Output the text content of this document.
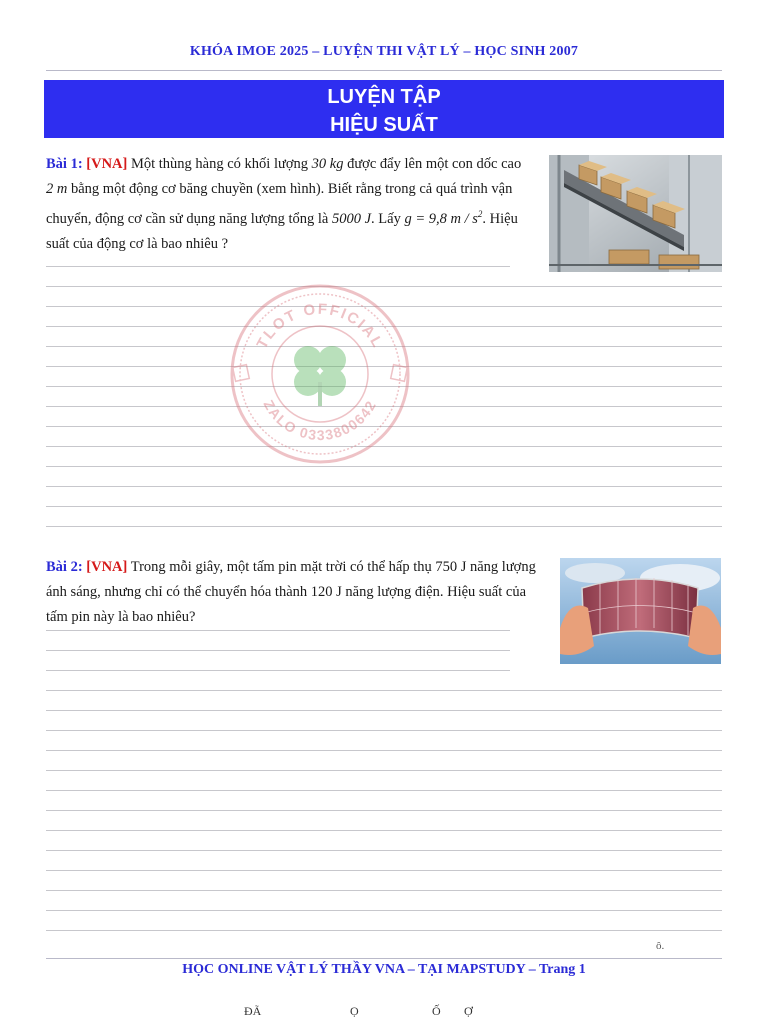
KHÓA IMOE 2025 – LUYỆN THI VẬT LÝ – HỌC SINH 2007
LUYỆN TẬP
HIỆU SUẤT
Bài 1: [VNA] Một thùng hàng có khối lượng 30 kg được đẩy lên một con dốc cao 2 m bằng một động cơ băng chuyền (xem hình). Biết rằng trong cả quá trình vận chuyển, động cơ cần sử dụng năng lượng tổng là 5000 J. Lấy g = 9,8 m / $s^2$. Hiệu suất của động cơ là bao nhiêu ?
TLOT OFFICIAL
ZALO 0333800642
Bài 2: [VNA] Trong mỗi giây, một tấm pin mặt trời có thể hấp thụ 750 J năng lượng ánh sáng, nhưng chỉ có thể chuyển hóa thành 120 J năng lượng điện. Hiệu suất của tấm pin này là bao nhiêu?
ô.
HỌC ONLINE VẬT LÝ THẦY VNA – TẠI MAPSTUDY – Trang 1
ĐÃ	Ọ	Ố Ợ
